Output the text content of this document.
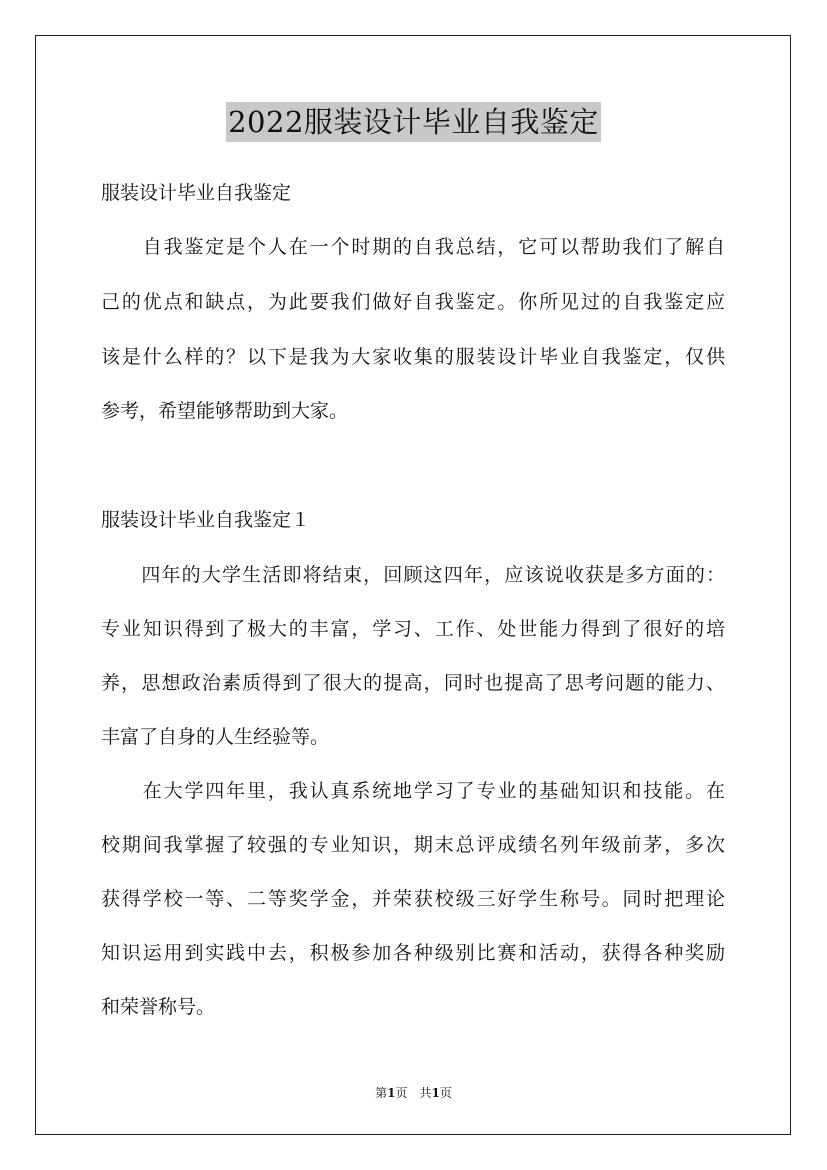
2022服装设计毕业自我鉴定
服装设计毕业自我鉴定
　　自我鉴定是个人在一个时期的自我总结，它可以帮助我们了解自
己的优点和缺点，为此要我们做好自我鉴定。你所见过的自我鉴定应
该是什么样的？以下是我为大家收集的服装设计毕业自我鉴定，仅供
参考，希望能够帮助到大家。
服装设计毕业自我鉴定１
　　四年的大学生活即将结束，回顾这四年，应该说收获是多方面的：
专业知识得到了极大的丰富，学习、工作、处世能力得到了很好的培
养，思想政治素质得到了很大的提高，同时也提高了思考问题的能力、
丰富了自身的人生经验等。
　　在大学四年里，我认真系统地学习了专业的基础知识和技能。在
校期间我掌握了较强的专业知识，期末总评成绩名列年级前茅，多次
获得学校一等、二等奖学金，并荣获校级三好学生称号。同时把理论
知识运用到实践中去，积极参加各种级别比赛和活动，获得各种奖励
和荣誉称号。
第1页　共1页
